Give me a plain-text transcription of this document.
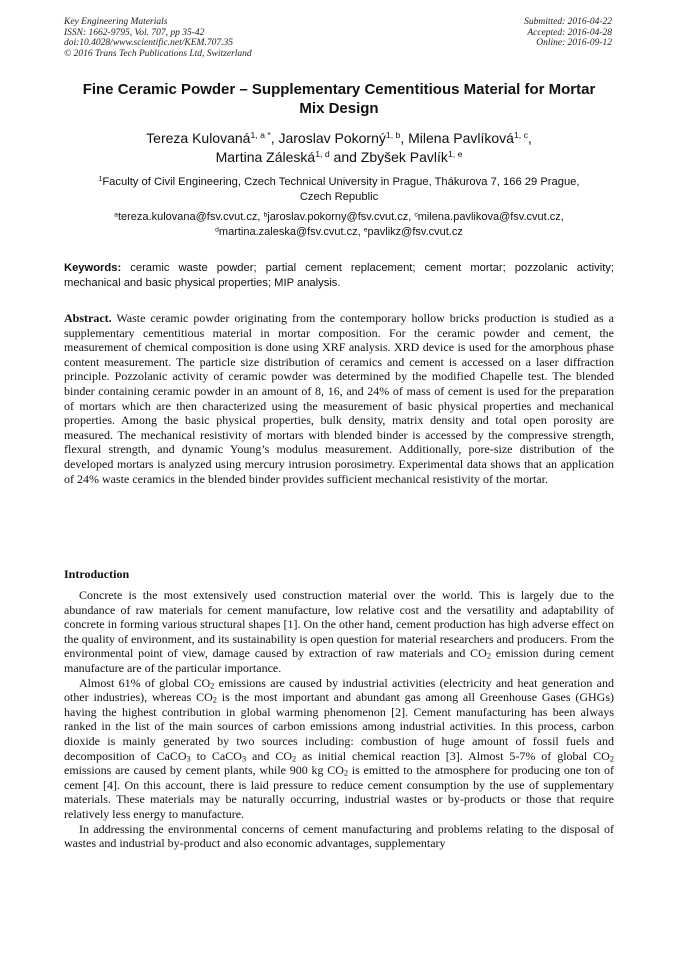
Key Engineering Materials
ISSN: 1662-9795, Vol. 707, pp 35-42
doi:10.4028/www.scientific.net/KEM.707.35
© 2016 Trans Tech Publications Ltd, Switzerland
Submitted: 2016-04-22
Accepted: 2016-04-28
Online: 2016-09-12
Fine Ceramic Powder – Supplementary Cementitious Material for Mortar
Mix Design
Tereza Kulovaná$^{1, a *}$, Jaroslav Pokorný$^{1, b}$, Milena Pavlíková$^{1, c}$,
Martina Záleská$^{1, d}$ and Zbyšek Pavlík$^{1, e}$
$^1$Faculty of Civil Engineering, Czech Technical University in Prague, Thákurova 7, 166 29 Prague,
Czech Republic
$^a$tereza.kulovana@fsv.cvut.cz, $^b$jaroslav.pokorny@fsv.cvut.cz, $^c$milena.pavlikova@fsv.cvut.cz,
$^d$martina.zaleska@fsv.cvut.cz, $^e$pavlikz@fsv.cvut.cz
Keywords: ceramic waste powder; partial cement replacement; cement mortar; pozzolanic activity; mechanical and basic physical properties; MIP analysis.
Abstract. Waste ceramic powder originating from the contemporary hollow bricks production is studied as a supplementary cementitious material in mortar composition. For the ceramic powder and cement, the measurement of chemical composition is done using XRF analysis. XRD device is used for the amorphous phase content measurement. The particle size distribution of ceramics and cement is accessed on a laser diffraction principle. Pozzolanic activity of ceramic powder was determined by the modified Chapelle test. The blended binder containing ceramic powder in an amount of 8, 16, and 24% of mass of cement is used for the preparation of mortars which are then characterized using the measurement of basic physical properties and mechanical properties. Among the basic physical properties, bulk density, matrix density and total open porosity are measured. The mechanical resistivity of mortars with blended binder is accessed by the compressive strength, flexural strength, and dynamic Young’s modulus measurement. Additionally, pore-size distribution of the developed mortars is analyzed using mercury intrusion porosimetry. Experimental data shows that an application of 24% waste ceramics in the blended binder provides sufficient mechanical resistivity of the mortar.
Introduction

Concrete is the most extensively used construction material over the world. This is largely due to the abundance of raw materials for cement manufacture, low relative cost and the versatility and adaptability of concrete in forming various structural shapes [1]. On the other hand, cement production has high adverse effect on the quality of environment, and its sustainability is open question for material researchers and producers. From the environmental point of view, damage caused by extraction of raw materials and $CO_2$ emission during cement manufacture are of the particular importance.

Almost 61% of global $CO_2$ emissions are caused by industrial activities (electricity and heat generation and other industries), whereas $CO_2$ is the most important and abundant gas among all Greenhouse Gases (GHGs) having the highest contribution in global warming phenomenon [2]. Cement manufacturing has been always ranked in the list of the main sources of carbon emissions among industrial activities. In this process, carbon dioxide is mainly generated by two sources including: combustion of huge amount of fossil fuels and decomposition of CaCO$_3$ to CaCO$_3$ and $CO_2$ as initial chemical reaction [3]. Almost 5-7% of global $CO_2$ emissions are caused by cement plants, while 900 kg $CO_2$ is emitted to the atmosphere for producing one ton of cement [4]. On this account, there is laid pressure to reduce cement consumption by the use of supplementary materials. These materials may be naturally occurring, industrial wastes or by-products or those that require relatively less energy to manufacture.

In addressing the environmental concerns of cement manufacturing and problems relating to the disposal of wastes and industrial by-product and also economic advantages, supplementary
